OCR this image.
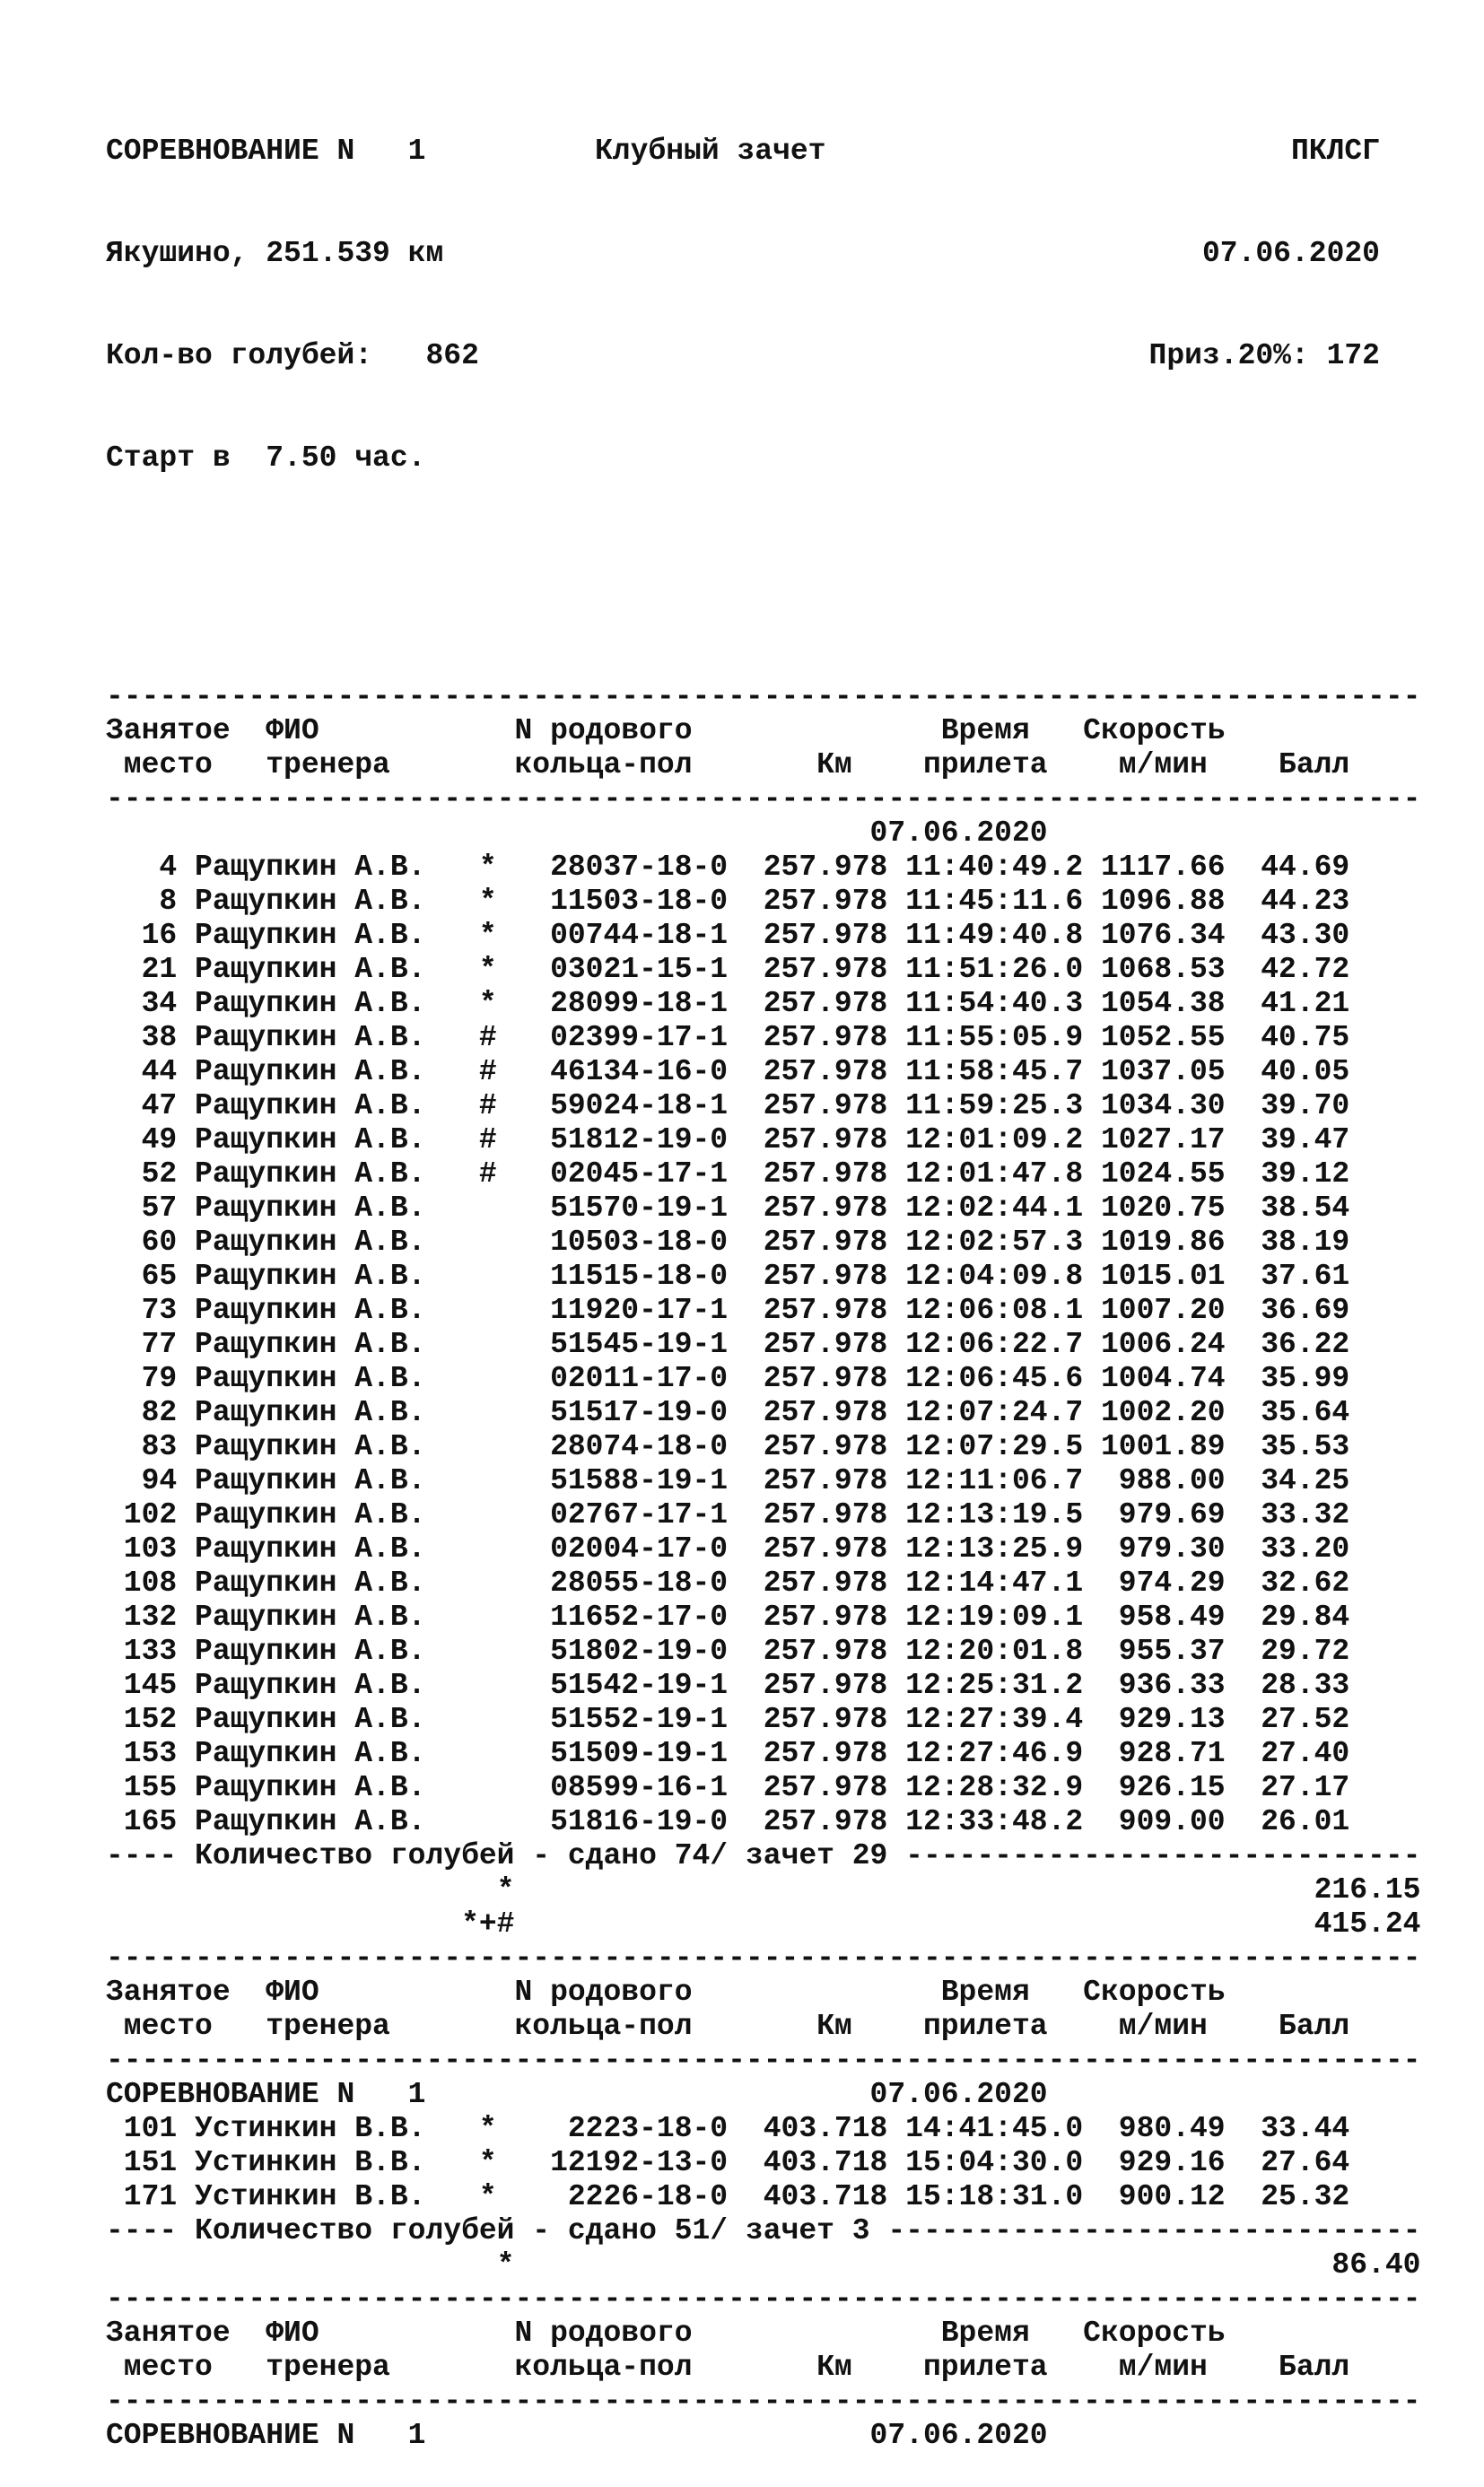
СОРЕВНОВАНИЕ N   1

	Клубный зачет

	ПКЛСГ

Якушино, 251.539 км

	07.06.2020

Кол-во голубей:   862

	Приз.20%: 172

Старт в  7.50 час.

--------------------------------------------------------------------------
Занятое  ФИО           N родового              Время   Скорость
место   тренера       кольца-пол       Км    прилета    м/мин    Балл
--------------------------------------------------------------------------
07.06.2020
4 Ращупкин А.В.   *   28037-18-0  257.978 11:40:49.2 1117.66  44.69
8 Ращупкин А.В.   *   11503-18-0  257.978 11:45:11.6 1096.88  44.23
16 Ращупкин А.В.   *   00744-18-1  257.978 11:49:40.8 1076.34  43.30
21 Ращупкин А.В.   *   03021-15-1  257.978 11:51:26.0 1068.53  42.72
34 Ращупкин А.В.   *   28099-18-1  257.978 11:54:40.3 1054.38  41.21
38 Ращупкин А.В.   #   02399-17-1  257.978 11:55:05.9 1052.55  40.75
44 Ращупкин А.В.   #   46134-16-0  257.978 11:58:45.7 1037.05  40.05
47 Ращупкин А.В.   #   59024-18-1  257.978 11:59:25.3 1034.30  39.70
49 Ращупкин А.В.   #   51812-19-0  257.978 12:01:09.2 1027.17  39.47
52 Ращупкин А.В.   #   02045-17-1  257.978 12:01:47.8 1024.55  39.12
57 Ращупкин А.В.       51570-19-1  257.978 12:02:44.1 1020.75  38.54
60 Ращупкин А.В.       10503-18-0  257.978 12:02:57.3 1019.86  38.19
65 Ращупкин А.В.       11515-18-0  257.978 12:04:09.8 1015.01  37.61
73 Ращупкин А.В.       11920-17-1  257.978 12:06:08.1 1007.20  36.69
77 Ращупкин А.В.       51545-19-1  257.978 12:06:22.7 1006.24  36.22
79 Ращупкин А.В.       02011-17-0  257.978 12:06:45.6 1004.74  35.99
82 Ращупкин А.В.       51517-19-0  257.978 12:07:24.7 1002.20  35.64
83 Ращупкин А.В.       28074-18-0  257.978 12:07:29.5 1001.89  35.53
94 Ращупкин А.В.       51588-19-1  257.978 12:11:06.7  988.00  34.25
102 Ращупкин А.В.       02767-17-1  257.978 12:13:19.5  979.69  33.32
103 Ращупкин А.В.       02004-17-0  257.978 12:13:25.9  979.30  33.20
108 Ращупкин А.В.       28055-18-0  257.978 12:14:47.1  974.29  32.62
132 Ращупкин А.В.       11652-17-0  257.978 12:19:09.1  958.49  29.84
133 Ращупкин А.В.       51802-19-0  257.978 12:20:01.8  955.37  29.72
145 Ращупкин А.В.       51542-19-1  257.978 12:25:31.2  936.33  28.33
152 Ращупкин А.В.       51552-19-1  257.978 12:27:39.4  929.13  27.52
153 Ращупкин А.В.       51509-19-1  257.978 12:27:46.9  928.71  27.40
155 Ращупкин А.В.       08599-16-1  257.978 12:28:32.9  926.15  27.17
165 Ращупкин А.В.       51816-19-0  257.978 12:33:48.2  909.00  26.01
---- Количество голубей - сдано 74/ зачет 29 -----------------------------
*                                             216.15
*+#                                             415.24
--------------------------------------------------------------------------
Занятое  ФИО           N родового              Время   Скорость
место   тренера       кольца-пол       Км    прилета    м/мин    Балл
--------------------------------------------------------------------------
СОРЕВНОВАНИЕ N   1                         07.06.2020
101 Устинкин В.В.   *    2223-18-0  403.718 14:41:45.0  980.49  33.44
151 Устинкин В.В.   *   12192-13-0  403.718 15:04:30.0  929.16  27.64
171 Устинкин В.В.   *    2226-18-0  403.718 15:18:31.0  900.12  25.32
---- Количество голубей - сдано 51/ зачет 3 ------------------------------
*                                              86.40
--------------------------------------------------------------------------
Занятое  ФИО           N родового              Время   Скорость
место   тренера       кольца-пол       Км    прилета    м/мин    Балл
--------------------------------------------------------------------------
СОРЕВНОВАНИЕ N   1                         07.06.2020
